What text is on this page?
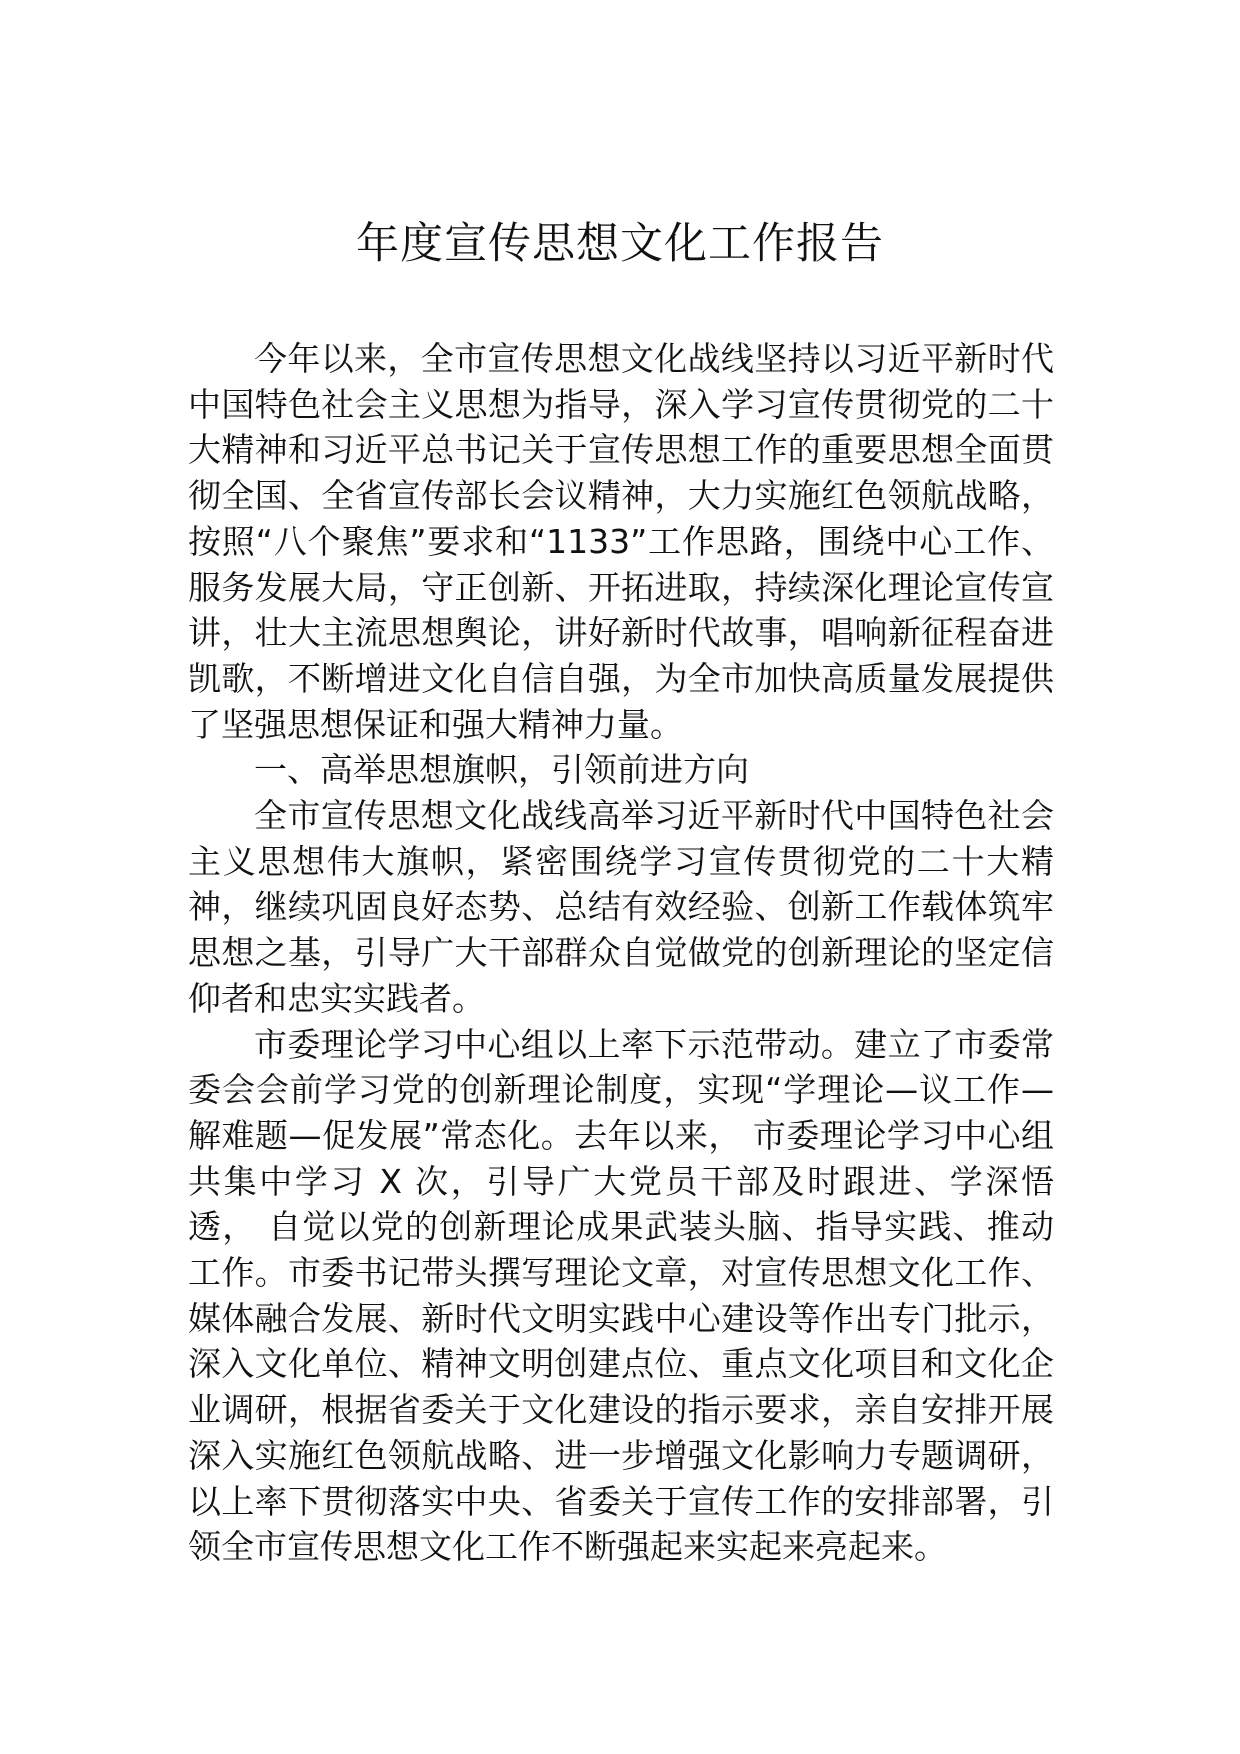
年度宣传思想文化工作报告

今年以来，全市宣传思想文化战线坚持以习近平新时代中国特色社会主义思想为指导，深入学习宣传贯彻党的二十大精神和习近平总书记关于宣传思想工作的重要思想全面贯彻全国、全省宣传部长会议精神，大力实施红色领航战略，按照“八个聚焦”要求和“1133”工作思路，围绕中心工作、服务发展大局，守正创新、开拓进取，持续深化理论宣传宣讲，壮大主流思想舆论，讲好新时代故事，唱响新征程奋进凯歌，不断增进文化自信自强，为全市加快高质量发展提供了坚强思想保证和强大精神力量。

一、高举思想旗帜，引领前进方向

全市宣传思想文化战线高举习近平新时代中国特色社会主义思想伟大旗帜，紧密围绕学习宣传贯彻党的二十大精神，继续巩固良好态势、总结有效经验、创新工作载体筑牢思想之基，引导广大干部群众自觉做党的创新理论的坚定信仰者和忠实实践者。

市委理论学习中心组以上率下示范带动。建立了市委常委会会前学习党的创新理论制度，实现“学理论—议工作—解难题—促发展”常态化。去年以来， 市委理论学习中心组共集中学习 X 次，引导广大党员干部及时跟进、学深悟透， 自觉以党的创新理论成果武装头脑、指导实践、推动工作。市委书记带头撰写理论文章，对宣传思想文化工作、媒体融合发展、新时代文明实践中心建设等作出专门批示，深入文化单位、精神文明创建点位、重点文化项目和文化企业调研，根据省委关于文化建设的指示要求，亲自安排开展深入实施红色领航战略、进一步增强文化影响力专题调研，以上率下贯彻落实中央、省委关于宣传工作的安排部署，引领全市宣传思想文化工作不断强起来实起来亮起来。
